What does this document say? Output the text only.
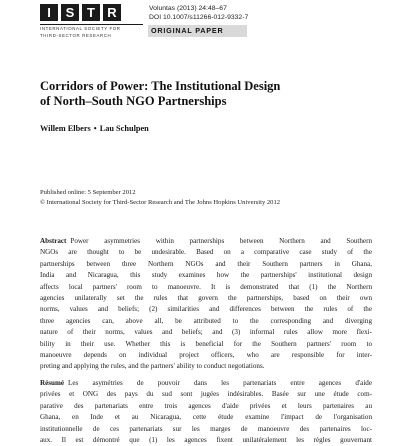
I	S T R
INTERNATIONAL SOCIETY FOR
THIRD-SECTOR RESEARCH
Voluntas (2013) 24:48–67
DOI 10.1007/s11266-012-9332-7
ORIGINAL PAPER
Corridors of Power: The Institutional Design
of North–South NGO Partnerships
Willem Elbers • Lau Schulpen
Published online: 5 September 2012
© International Society for Third-Sector Research and The Johns Hopkins University 2012
Abstract Power asymmetries within partnerships between Northern and Southern
NGOs are thought to be undesirable. Based on a comparative case study of the
partnerships between three Northern NGOs and their Southern partners in Ghana,
India and Nicaragua, this study examines how the partnerships' institutional design
affects local partners' room to manoeuvre. It is demonstrated that (1) the Northern
agencies unilaterally set the rules that govern the partnerships, based on their own
norms, values and beliefs; (2) similarities and differences between the rules of the
three agencies can, above all, be attributed to the corresponding and diverging
nature of their norms, values and beliefs; and (3) informal rules allow more flexi-
bility in their use. Whether this is beneficial for the Southern partners' room to
manoeuvre depends on individual project officers, who are responsible for inter-
preting and applying the rules, and the partners' ability to conduct negotiations.
Résumé Les asymétries de pouvoir dans les partenariats entre agences d'aide
privées et ONG des pays du sud sont jugées indésirables. Basée sur une étude com-
parative des partenariats entre trois agences d'aide privées et leurs partenaires au
Ghana, en Inde et au Nicaragua, cette étude examine l'impact de l'organisation
institutionnelle de ces partenariats sur les marges de manoeuvre des partenaires loc-
aux. Il est démontré que (1) les agences fixent unilatéralement les règles gouvernant
